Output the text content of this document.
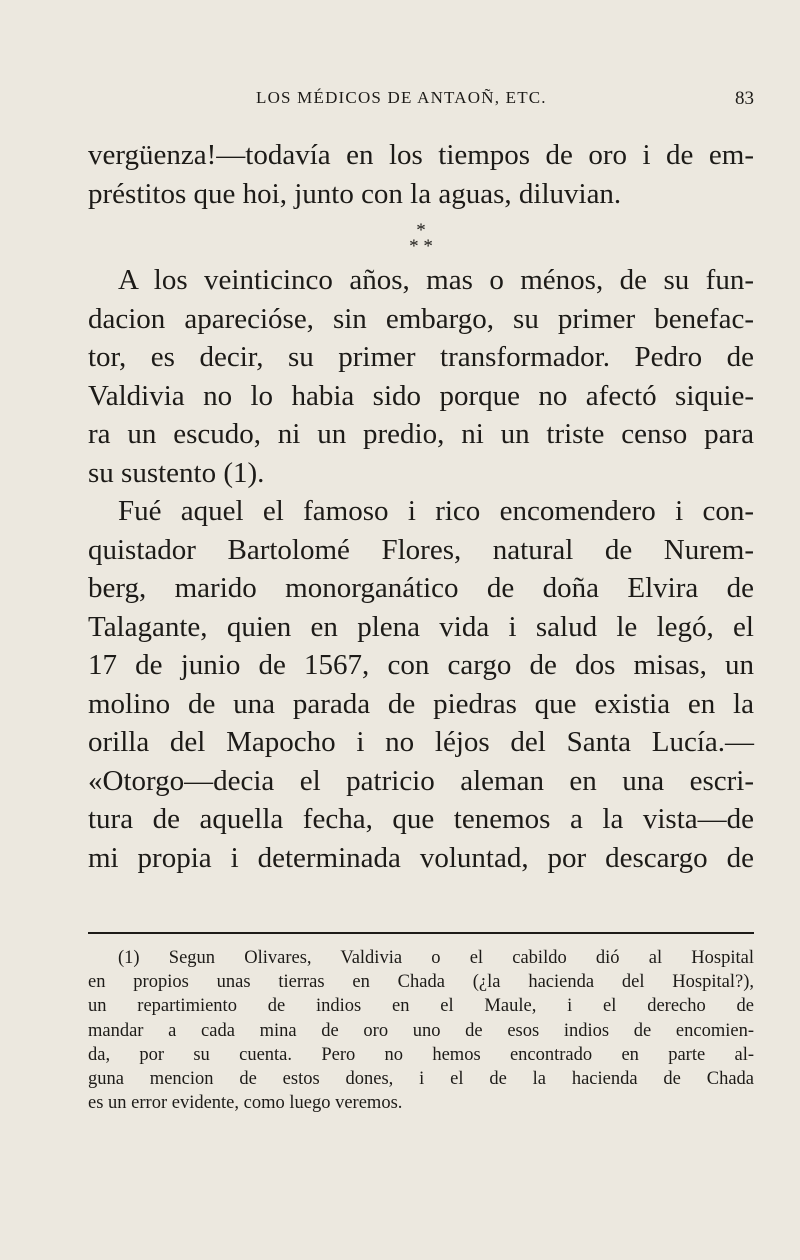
LOS MÉDICOS DE ANTAOÑ, ETC.	83
vergüenza!—todavía en los tiempos de oro i de em-
préstitos que hoi, junto con la aguas, diluvian.
*
* *
A los veinticinco años, mas o ménos, de su fun-
dacion aparecióse, sin embargo, su primer benefac-
tor, es decir, su primer transformador. Pedro de
Valdivia no lo habia sido porque no afectó siquie-
ra un escudo, ni un predio, ni un triste censo para
su sustento (1).
Fué aquel el famoso i rico encomendero i con-
quistador Bartolomé Flores, natural de Nurem-
berg, marido monorganático de doña Elvira de
Talagante, quien en plena vida i salud le legó, el
17 de junio de 1567, con cargo de dos misas, un
molino de una parada de piedras que existia en la
orilla del Mapocho i no léjos del Santa Lucía.—
«Otorgo—decia el patricio aleman en una escri-
tura de aquella fecha, que tenemos a la vista—de
mi propia i determinada voluntad, por descargo de
(1) Segun Olivares, Valdivia o el cabildo dió al Hospital
en propios unas tierras en Chada (¿la hacienda del Hospital?),
un repartimiento de indios en el Maule, i el derecho de
mandar a cada mina de oro uno de esos indios de encomien-
da, por su cuenta. Pero no hemos encontrado en parte al-
guna mencion de estos dones, i el de la hacienda de Chada
es un error evidente, como luego veremos.
